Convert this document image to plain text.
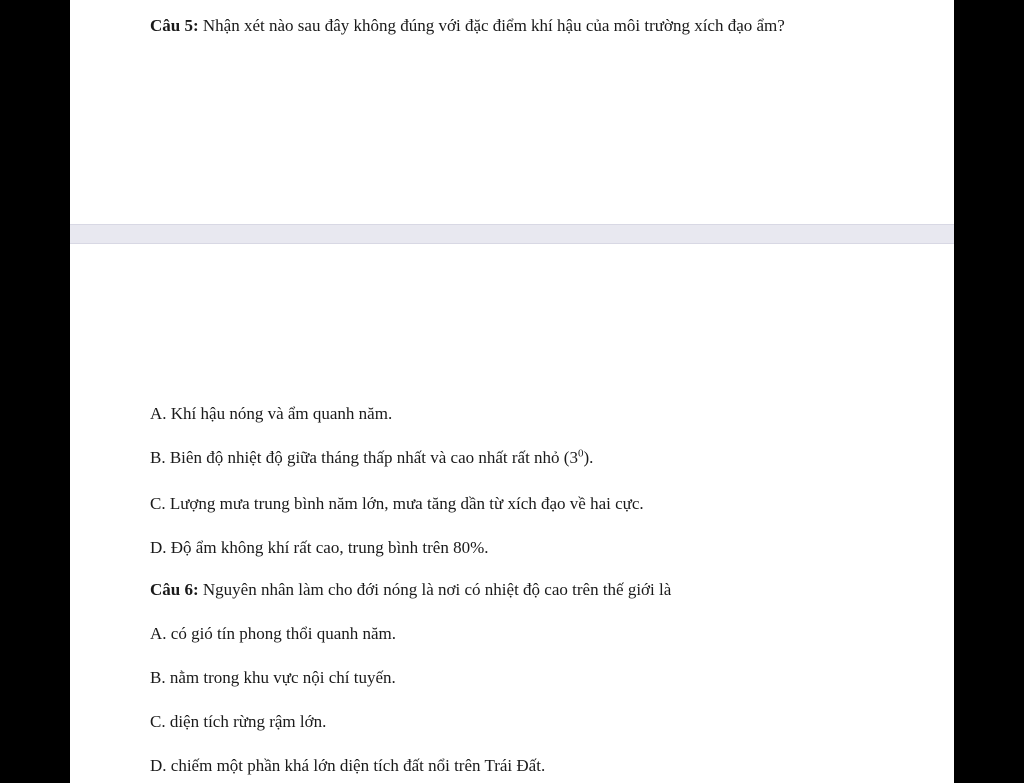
Câu 5: Nhận xét nào sau đây không đúng với đặc điểm khí hậu của môi trường xích đạo ẩm?
A. Khí hậu nóng và ẩm quanh năm.
B. Biên độ nhiệt độ giữa tháng thấp nhất và cao nhất rất nhỏ $(3^0)$.
C. Lượng mưa trung bình năm lớn, mưa tăng dần từ xích đạo về hai cực.
D. Độ ẩm không khí rất cao, trung bình trên 80%.
Câu 6: Nguyên nhân làm cho đới nóng là nơi có nhiệt độ cao trên thế giới là
A. có gió tín phong thổi quanh năm.
B. nằm trong khu vực nội chí tuyến.
C. diện tích rừng rậm lớn.
D. chiếm một phần khá lớn diện tích đất nổi trên Trái Đất.
